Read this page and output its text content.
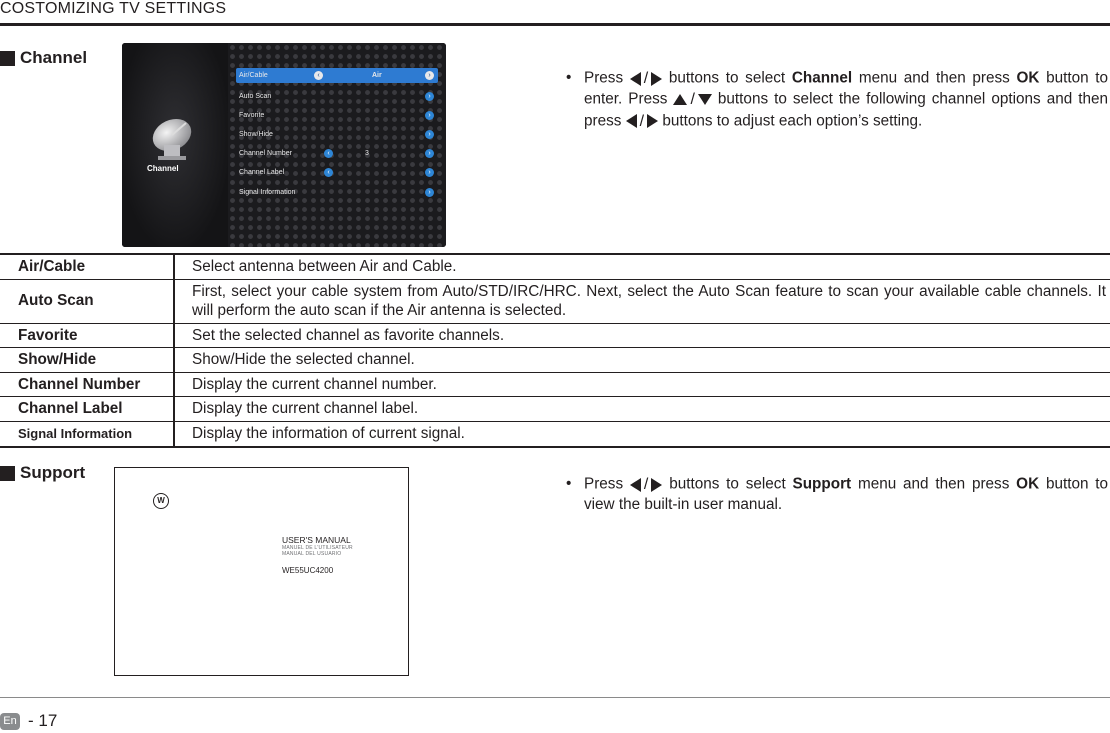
COSTOMIZING TV SETTINGS
Channel
Channel
Air/Cable	‹	Air	›
Auto Scan	›
Favorite	›
Show/Hide	›
Channel Number	‹	3	›
Channel Label	‹	›
Signal Information	›
• Press / buttons to select Channel menu and then press OK button to enter. Press / buttons to select the following channel options and then press / buttons to adjust each option’s setting.
Air/Cable	Select antenna between Air and Cable.
Auto Scan	First, select your cable system from Auto/STD/IRC/HRC. Next, select the Auto Scan feature to scan your available cable channels. It will perform the auto scan if the Air antenna is selected.
Favorite	Set the selected channel as favorite channels.
Show/Hide	Show/Hide the selected channel.
Channel Number	Display the current channel number.
Channel Label	Display the current channel label.
Signal Information	Display the information of current signal.
Support
W
USER'S MANUAL
MANUEL DE L'UTILISATEUR
MANUAL DEL USUARIO
WE55UC4200
• Press / buttons to select Support menu and then press OK button to view the built-in user manual.
En - 17
